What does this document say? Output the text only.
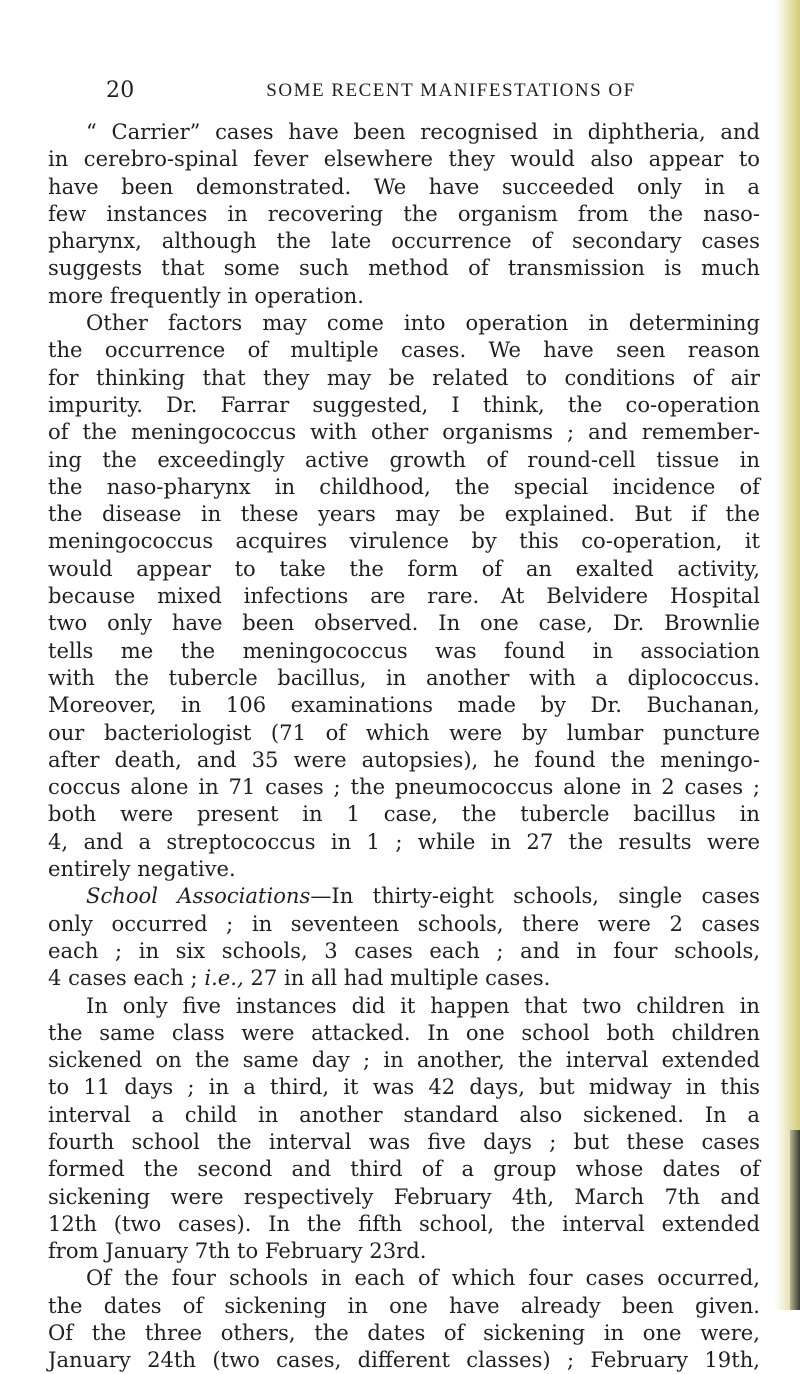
20	SOME RECENT MANIFESTATIONS OF
“ Carrier” cases have been recognised in diphtheria, and
in cerebro-spinal fever elsewhere they would also appear to
have been demonstrated. We have succeeded only in a
few instances in recovering the organism from the naso-
pharynx, although the late occurrence of secondary cases
suggests that some such method of transmission is much
more frequently in operation.
Other factors may come into operation in determining
the occurrence of multiple cases. We have seen reason
for thinking that they may be related to conditions of air
impurity. Dr. Farrar suggested, I think, the co-operation
of the meningococcus with other organisms ; and remember-
ing the exceedingly active growth of round-cell tissue in
the naso-pharynx in childhood, the special incidence of
the disease in these years may be explained. But if the
meningococcus acquires virulence by this co-operation, it
would appear to take the form of an exalted activity,
because mixed infections are rare. At Belvidere Hospital
two only have been observed. In one case, Dr. Brownlie
tells me the meningococcus was found in association
with the tubercle bacillus, in another with a diplococcus.
Moreover, in 106 examinations made by Dr. Buchanan,
our bacteriologist (71 of which were by lumbar puncture
after death, and 35 were autopsies), he found the meningo-
coccus alone in 71 cases ; the pneumococcus alone in 2 cases ;
both were present in 1 case, the tubercle bacillus in
4, and a streptococcus in 1 ; while in 27 the results were
entirely negative.
School Associations—In thirty-eight schools, single cases
only occurred ; in seventeen schools, there were 2 cases
each ; in six schools, 3 cases each ; and in four schools,
4 cases each ; i.e., 27 in all had multiple cases.
In only five instances did it happen that two children in
the same class were attacked. In one school both children
sickened on the same day ; in another, the interval extended
to 11 days ; in a third, it was 42 days, but midway in this
interval a child in another standard also sickened. In a
fourth school the interval was five days ; but these cases
formed the second and third of a group whose dates of
sickening were respectively February 4th, March 7th and
12th (two cases). In the fifth school, the interval extended
from January 7th to February 23rd.
Of the four schools in each of which four cases occurred,
the dates of sickening in one have already been given.
Of the three others, the dates of sickening in one were,
January 24th (two cases, different classes) ; February 19th,
